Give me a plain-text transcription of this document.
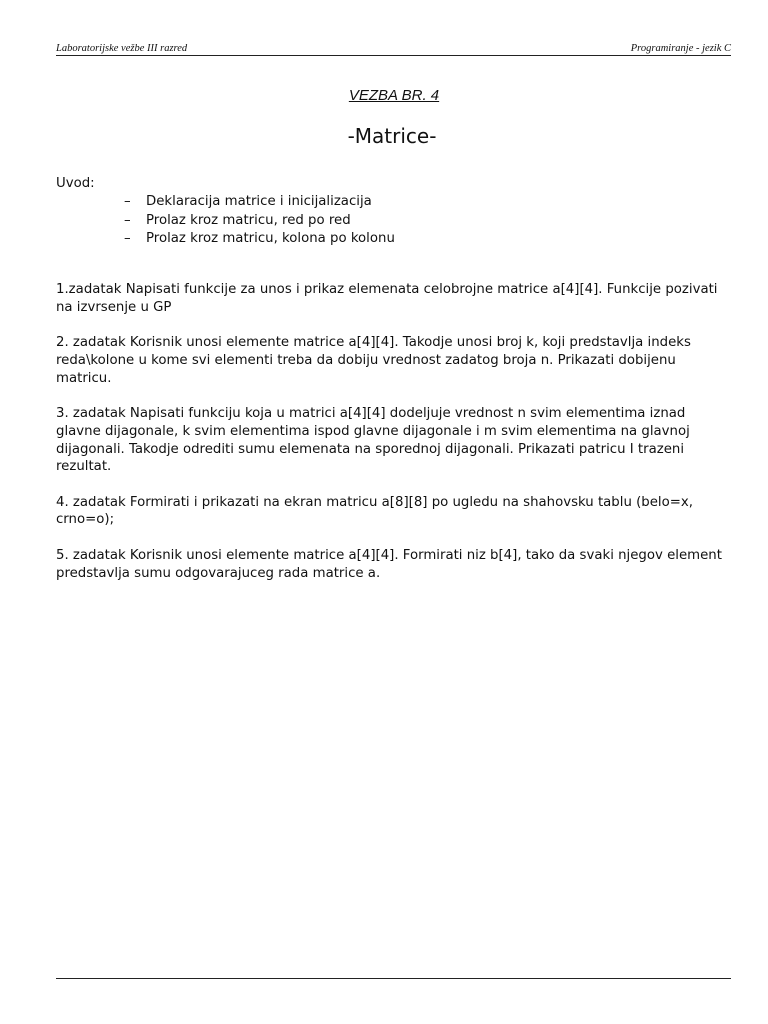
Laboratorijske vežbe III razred	Programiranje - jezik C
VEZBA BR. 4
-Matrice-
Uvod:
– Deklaracija matrice i inicijalizacija
– Prolaz kroz matricu, red po red
– Prolaz kroz matricu, kolona po kolonu

1.zadatak Napisati funkcije za unos i prikaz elemenata celobrojne matrice a[4][4]. Funkcije pozivati na izvrsenje u GP

2. zadatak Korisnik unosi elemente matrice a[4][4]. Takodje unosi broj k, koji predstavlja indeks reda\kolone u kome svi elementi treba da dobiju vrednost zadatog broja n. Prikazati dobijenu matricu.

3. zadatak Napisati funkciju koja u matrici a[4][4] dodeljuje vrednost n svim elementima iznad glavne dijagonale, k svim elementima ispod glavne dijagonale i m svim elementima na glavnoj dijagonali. Takodje odrediti sumu elemenata na sporednoj dijagonali. Prikazati patricu I trazeni rezultat.

4. zadatak Formirati i prikazati na ekran matricu a[8][8] po ugledu na shahovsku tablu (belo=x, crno=o);

5. zadatak Korisnik unosi elemente matrice a[4][4]. Formirati niz b[4], tako da svaki njegov element predstavlja sumu odgovarajuceg rada matrice a.
